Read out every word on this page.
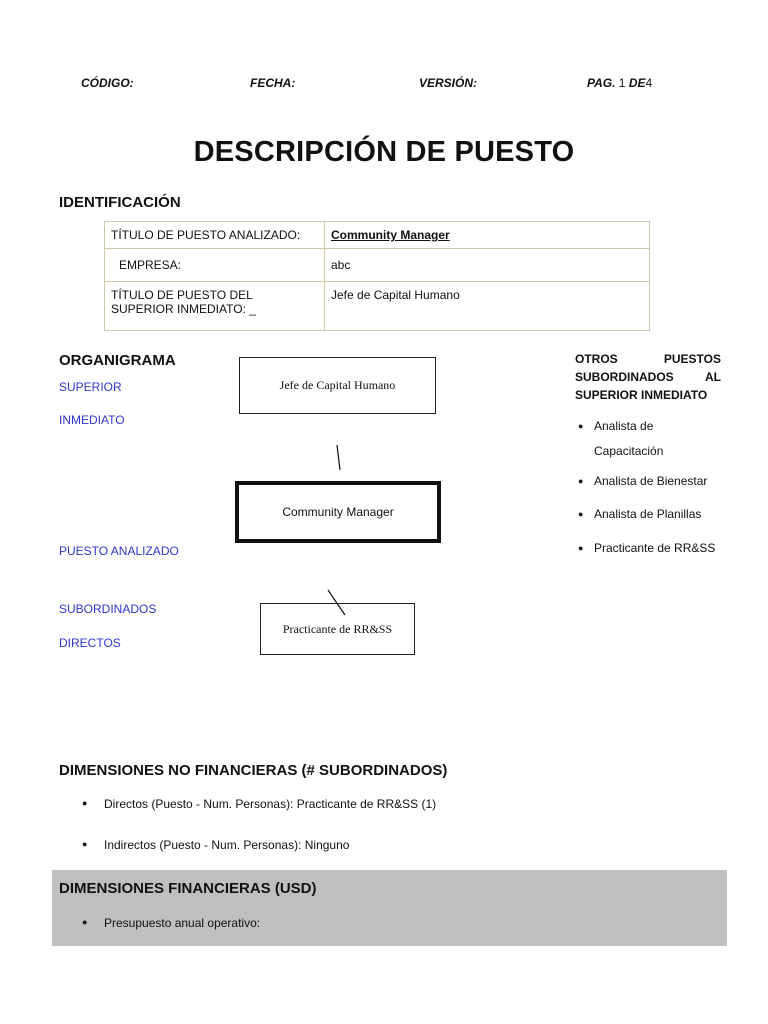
CÓDIGO:	FECHA:	VERSIÓN:	PAG. 1 DE4
DESCRIPCIÓN DE PUESTO
IDENTIFICACIÓN
TÍTULO DE PUESTO ANALIZADO:	Community Manager
EMPRESA:	abc
TÍTULO DE PUESTO DEL SUPERIOR INMEDIATO: _	Jefe de Capital Humano
ORGANIGRAMA
SUPERIOR
INMEDIATO
PUESTO ANALIZADO
SUBORDINADOS
DIRECTOS
Jefe de Capital Humano
Community Manager
Practicante de RR&SS
OTROS PUESTOS
SUBORDINADOS AL
SUPERIOR INMEDIATO
● Analista de Capacitación
● Analista de Bienestar
● Analista de Planillas
● Practicante de RR&SS
DIMENSIONES NO FINANCIERAS (# SUBORDINADOS)
● Directos (Puesto - Num. Personas): Practicante de RR&SS (1)
● Indirectos (Puesto - Num. Personas): Ninguno
DIMENSIONES FINANCIERAS (USD)
● Presupuesto anual operativo:
